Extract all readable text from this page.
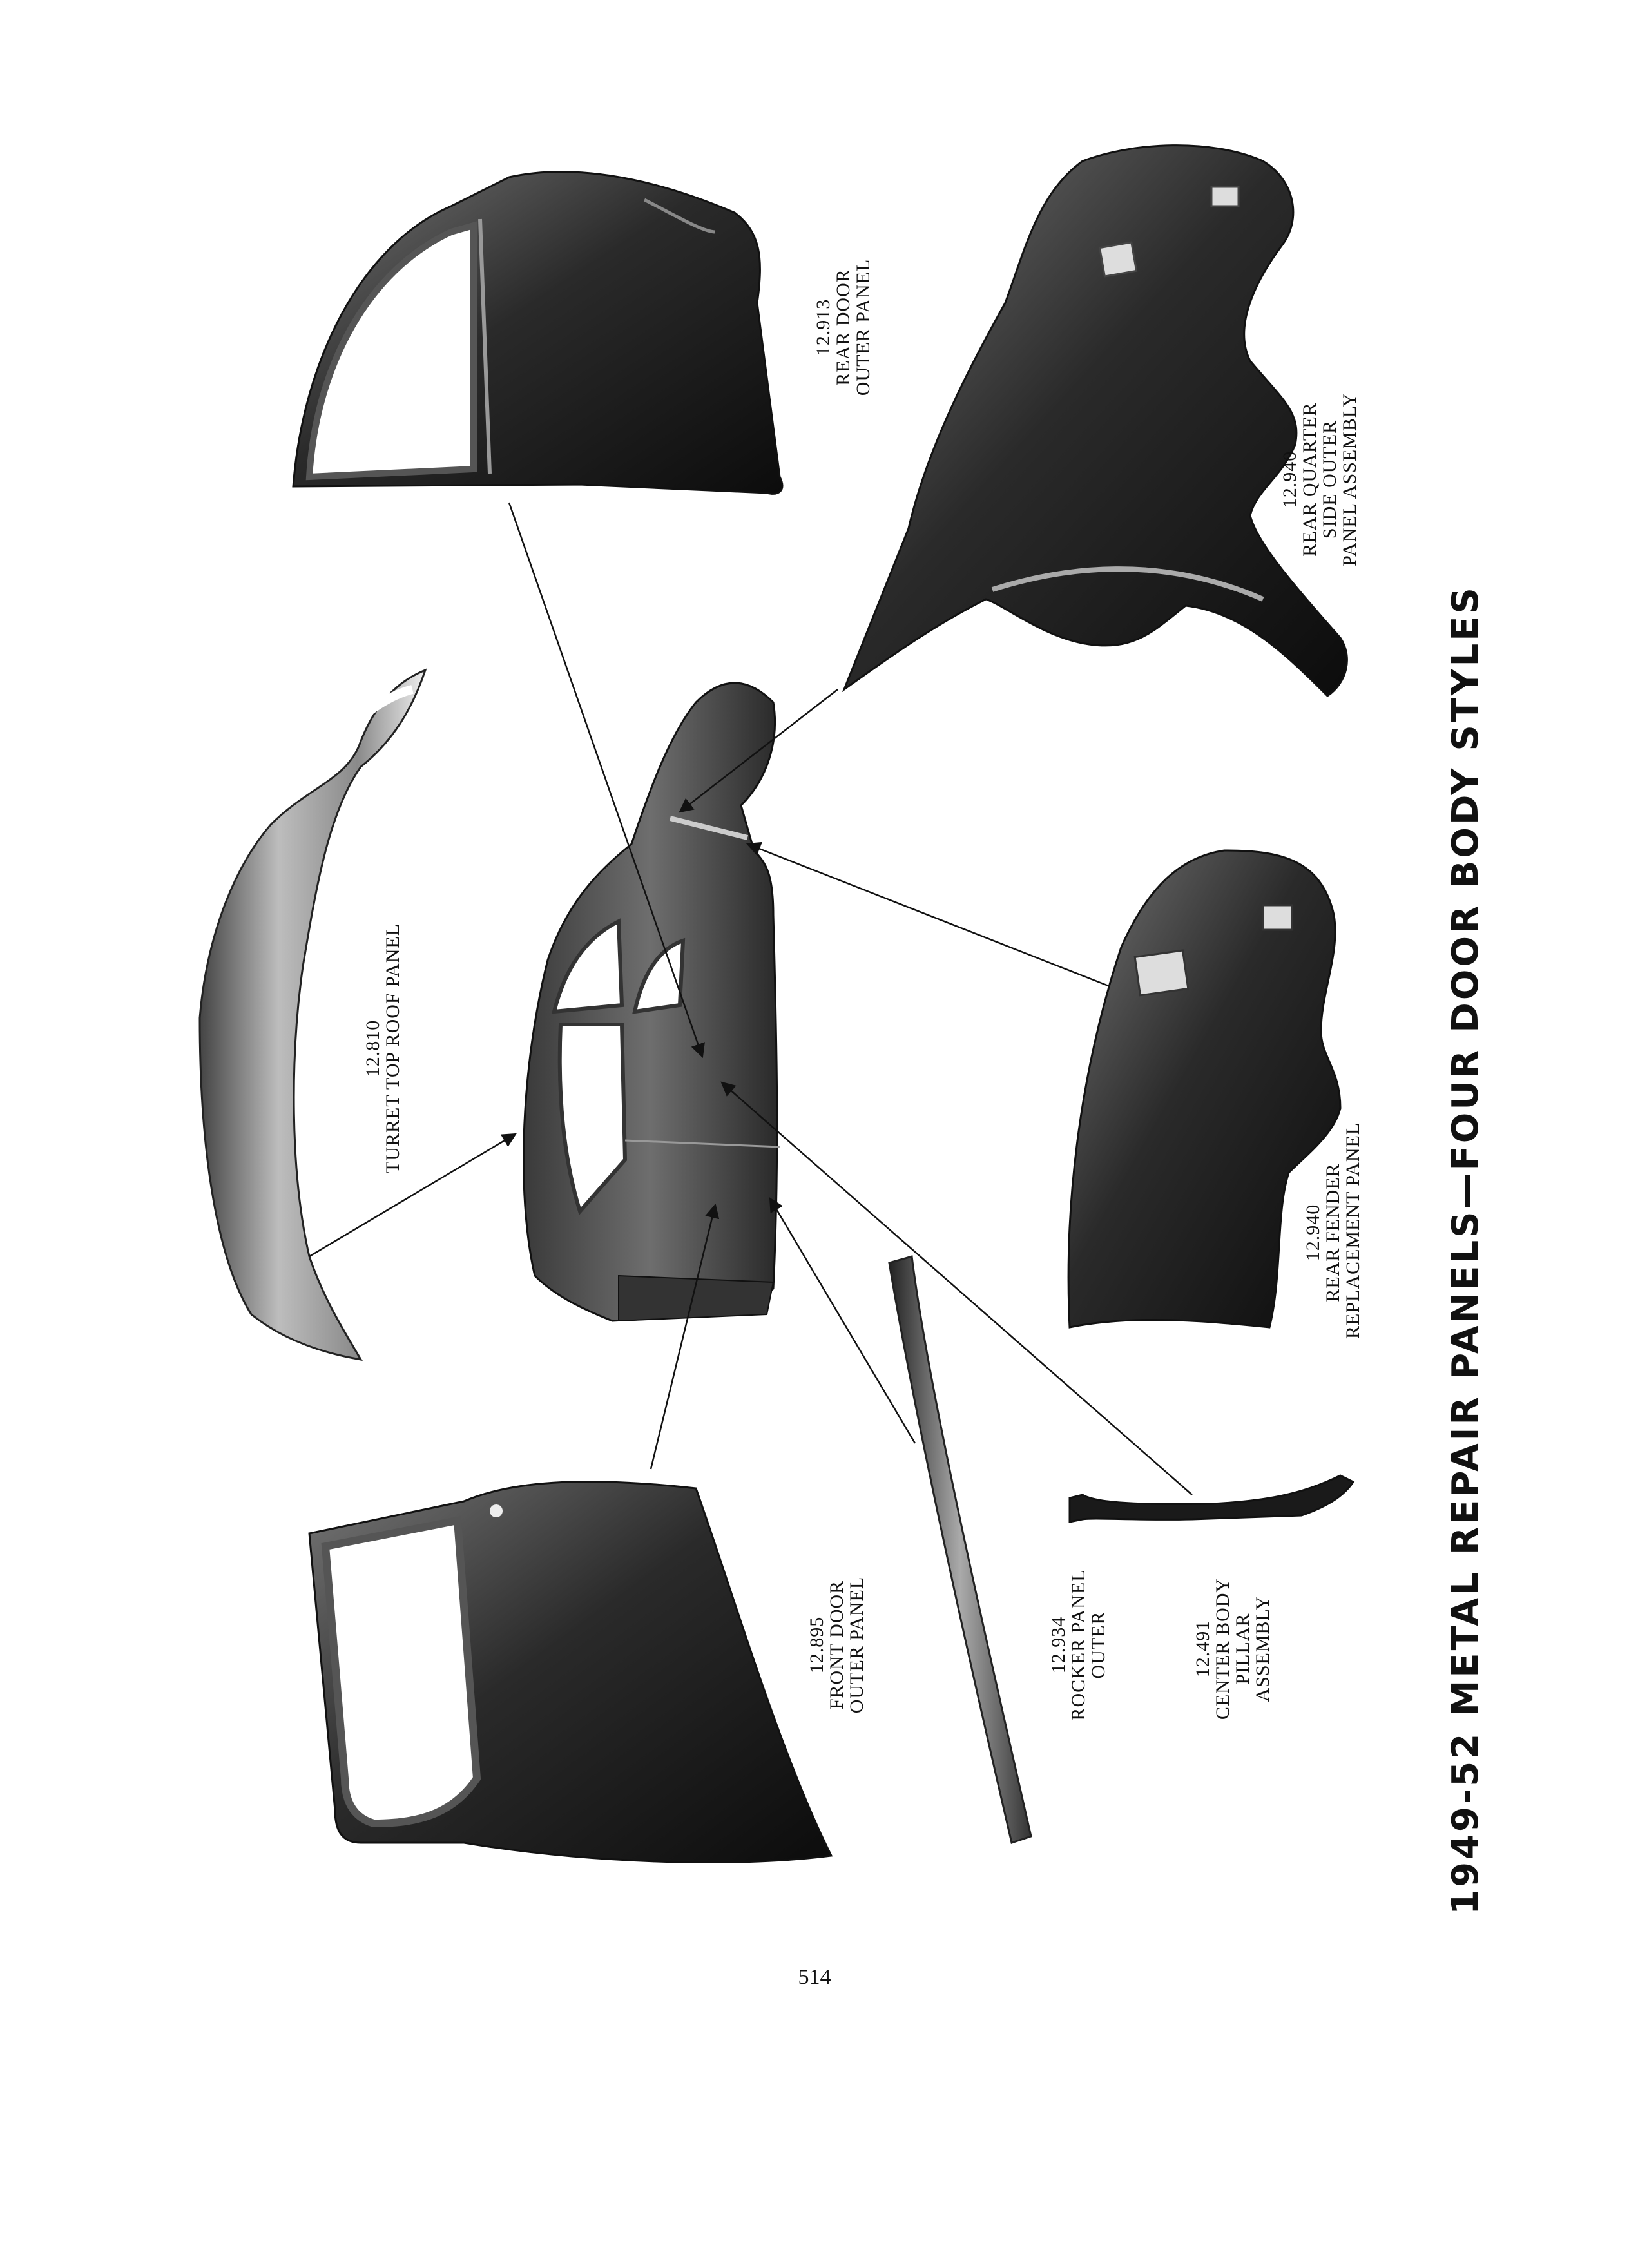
12.913
REAR DOOR
OUTER PANEL
12.940
REAR QUARTER
SIDE OUTER
PANEL ASSEMBLY
12.810
TURRET TOP ROOF PANEL
12.940
REAR FENDER
REPLACEMENT PANEL
12.895
FRONT DOOR
OUTER PANEL	12.934
ROCKER PANEL
OUTER	12.491
CENTER BODY
PILLAR
ASSEMBLY	1949-52 METAL REPAIR PANELS—FOUR DOOR BODY STYLES
514
